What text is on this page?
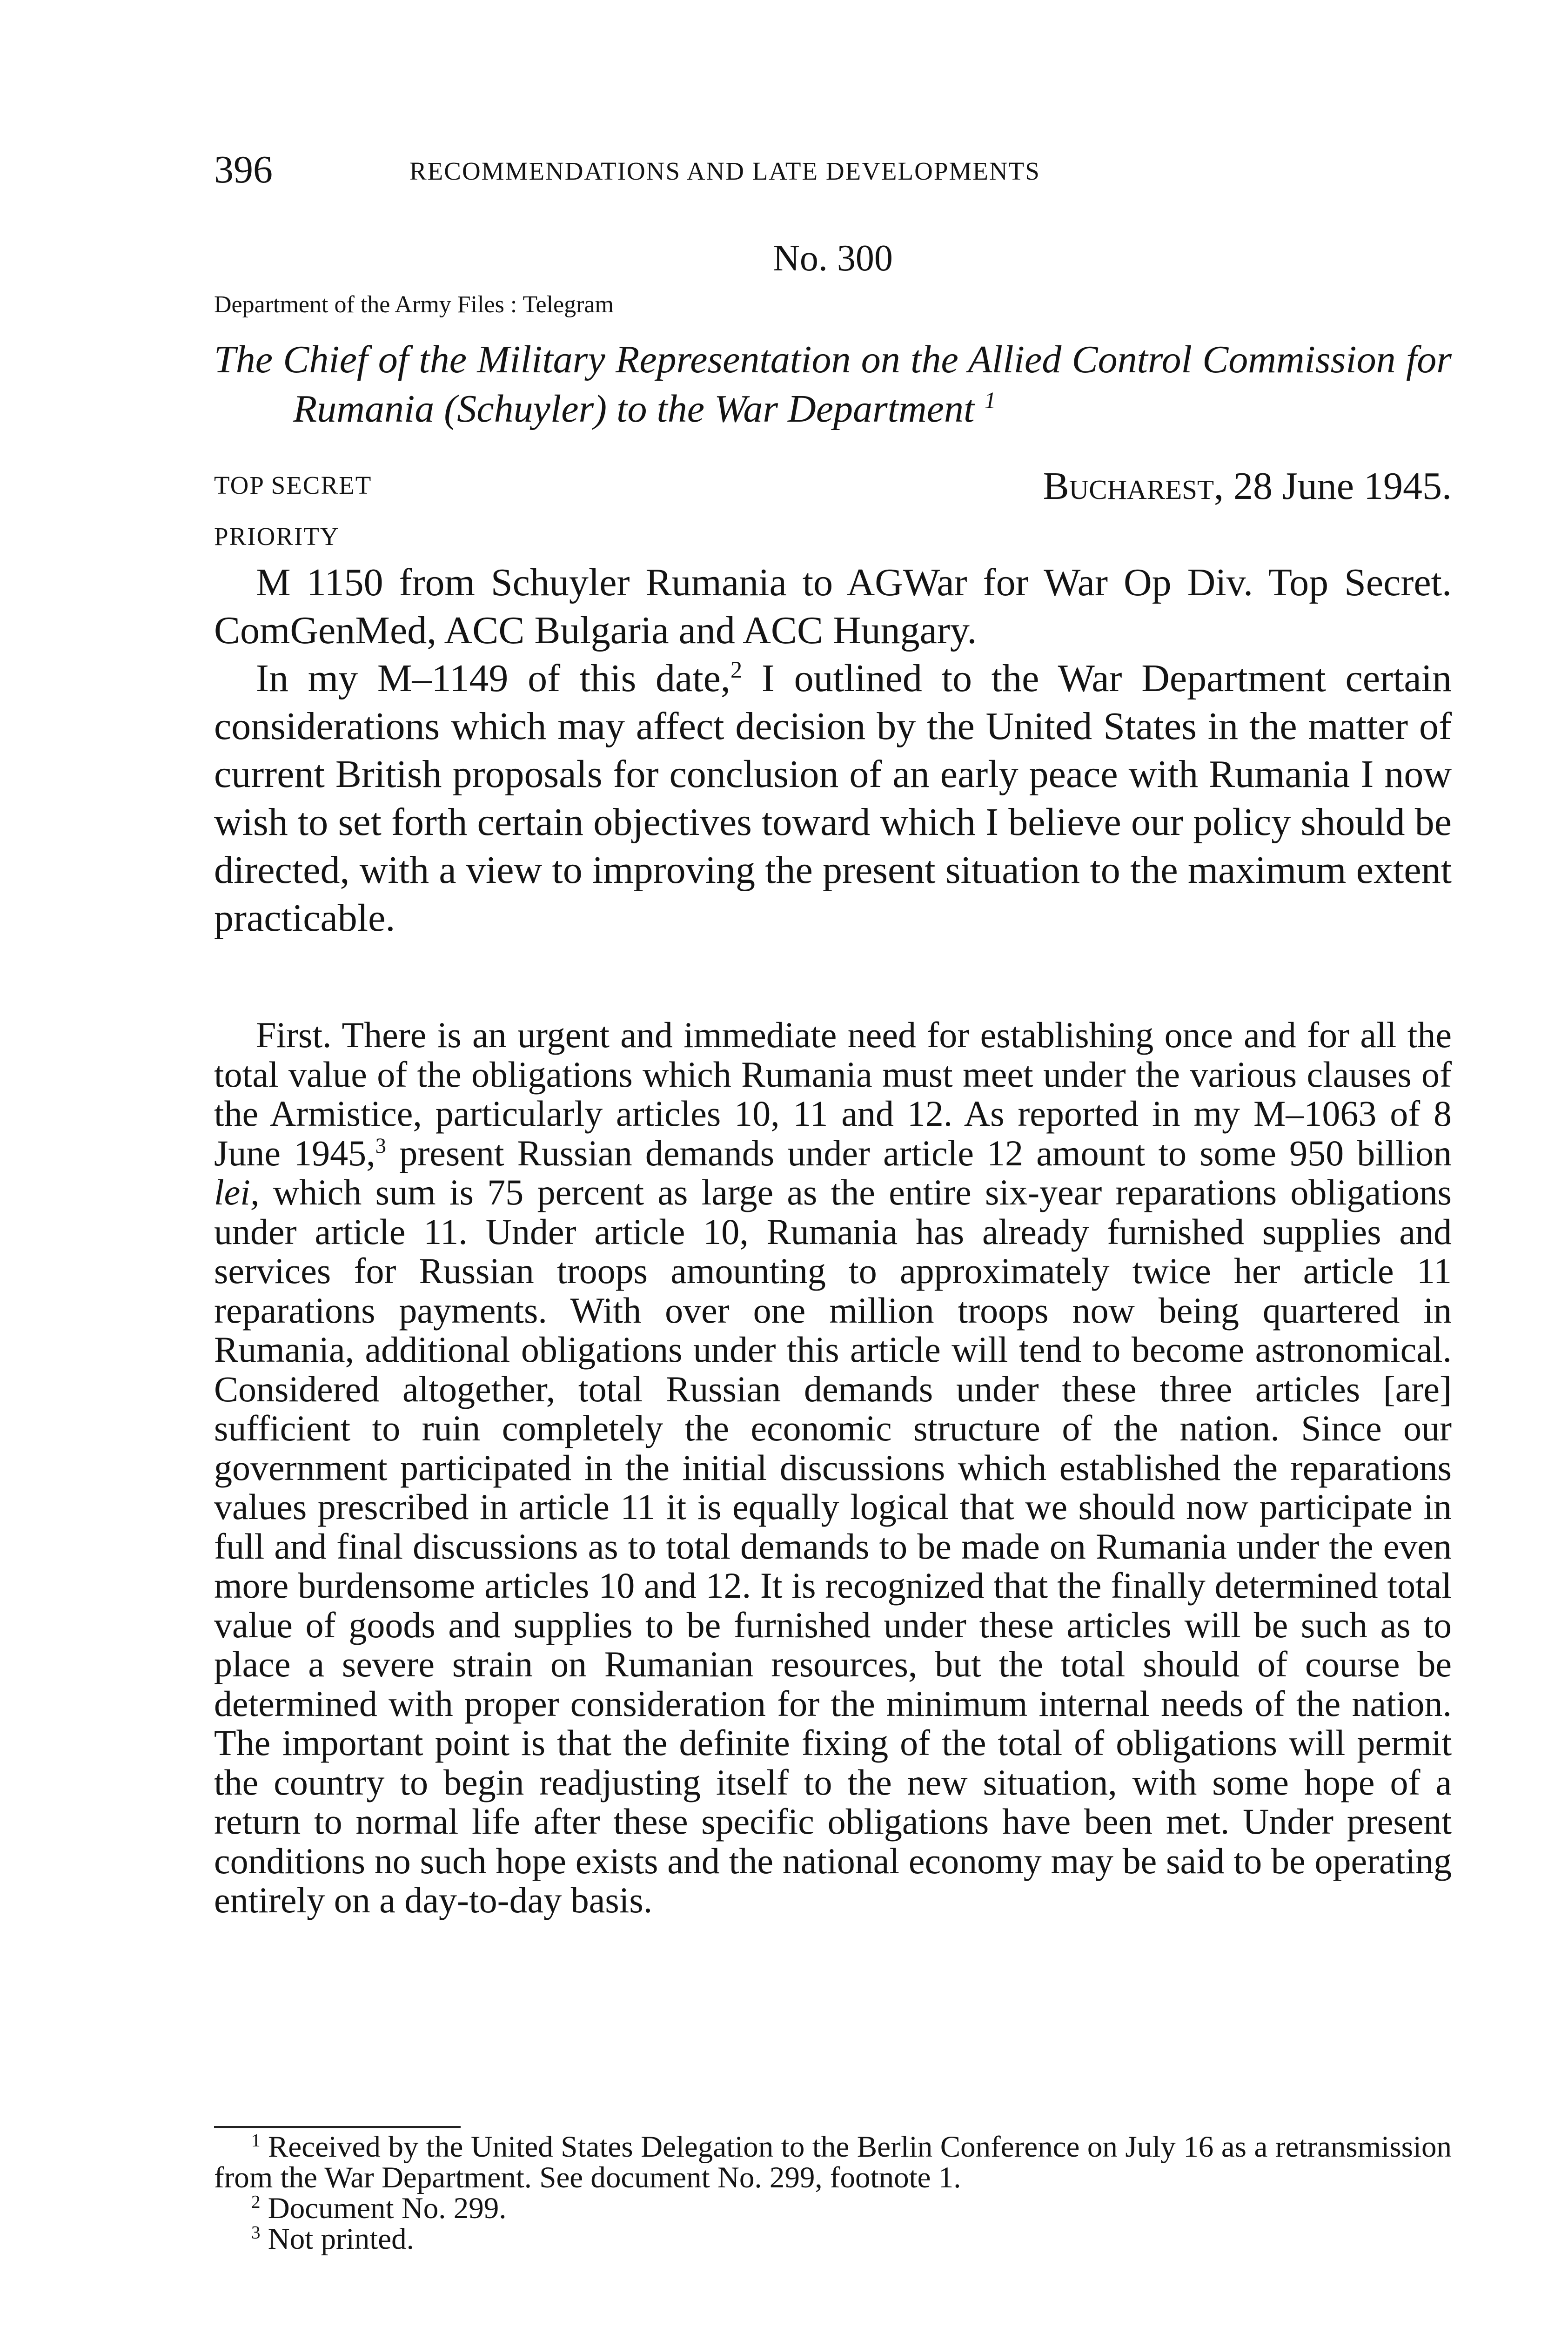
396	RECOMMENDATIONS AND LATE DEVELOPMENTS
No. 300
Department of the Army Files : Telegram
The Chief of the Military Representation on the Allied Control Commission for Rumania (Schuyler) to the War Department $^1$
TOP SECRET
PRIORITY
Bucharest, 28 June 1945.

M 1150 from Schuyler Rumania to AGWar for War Op Div. Top Secret. ComGenMed, ACC Bulgaria and ACC Hungary.

In my M–1149 of this date,$^2$ I outlined to the War Department certain considerations which may affect decision by the United States in the matter of current British proposals for conclusion of an early peace with Rumania I now wish to set forth certain objectives toward which I believe our policy should be directed, with a view to improving the present situation to the maximum extent practicable.

First. There is an urgent and immediate need for establishing once and for all the total value of the obligations which Rumania must meet under the various clauses of the Armistice, particularly articles 10, 11 and 12. As reported in my M–1063 of 8 June 1945,$^3$ present Russian demands under article 12 amount to some 950 billion lei, which sum is 75 percent as large as the entire six-year reparations obligations under article 11. Under article 10, Rumania has already furnished supplies and services for Russian troops amounting to approximately twice her article 11 reparations payments. With over one million troops now being quartered in Rumania, additional obligations under this article will tend to become astronomical. Considered altogether, total Russian demands under these three articles [are] sufficient to ruin completely the economic structure of the nation. Since our government participated in the initial discussions which established the reparations values prescribed in article 11 it is equally logical that we should now participate in full and final discussions as to total demands to be made on Rumania under the even more burdensome articles 10 and 12. It is recognized that the finally determined total value of goods and supplies to be furnished under these articles will be such as to place a severe strain on Rumanian resources, but the total should of course be determined with proper consideration for the minimum internal needs of the nation. The important point is that the definite fixing of the total of obligations will permit the country to begin readjusting itself to the new situation, with some hope of a return to normal life after these specific obligations have been met. Under present conditions no such hope exists and the national economy may be said to be operating entirely on a day-to-day basis.

$^1$ Received by the United States Delegation to the Berlin Conference on July 16 as a retransmission from the War Department. See document No. 299, footnote 1.

$^2$ Document No. 299.

$^3$ Not printed.
